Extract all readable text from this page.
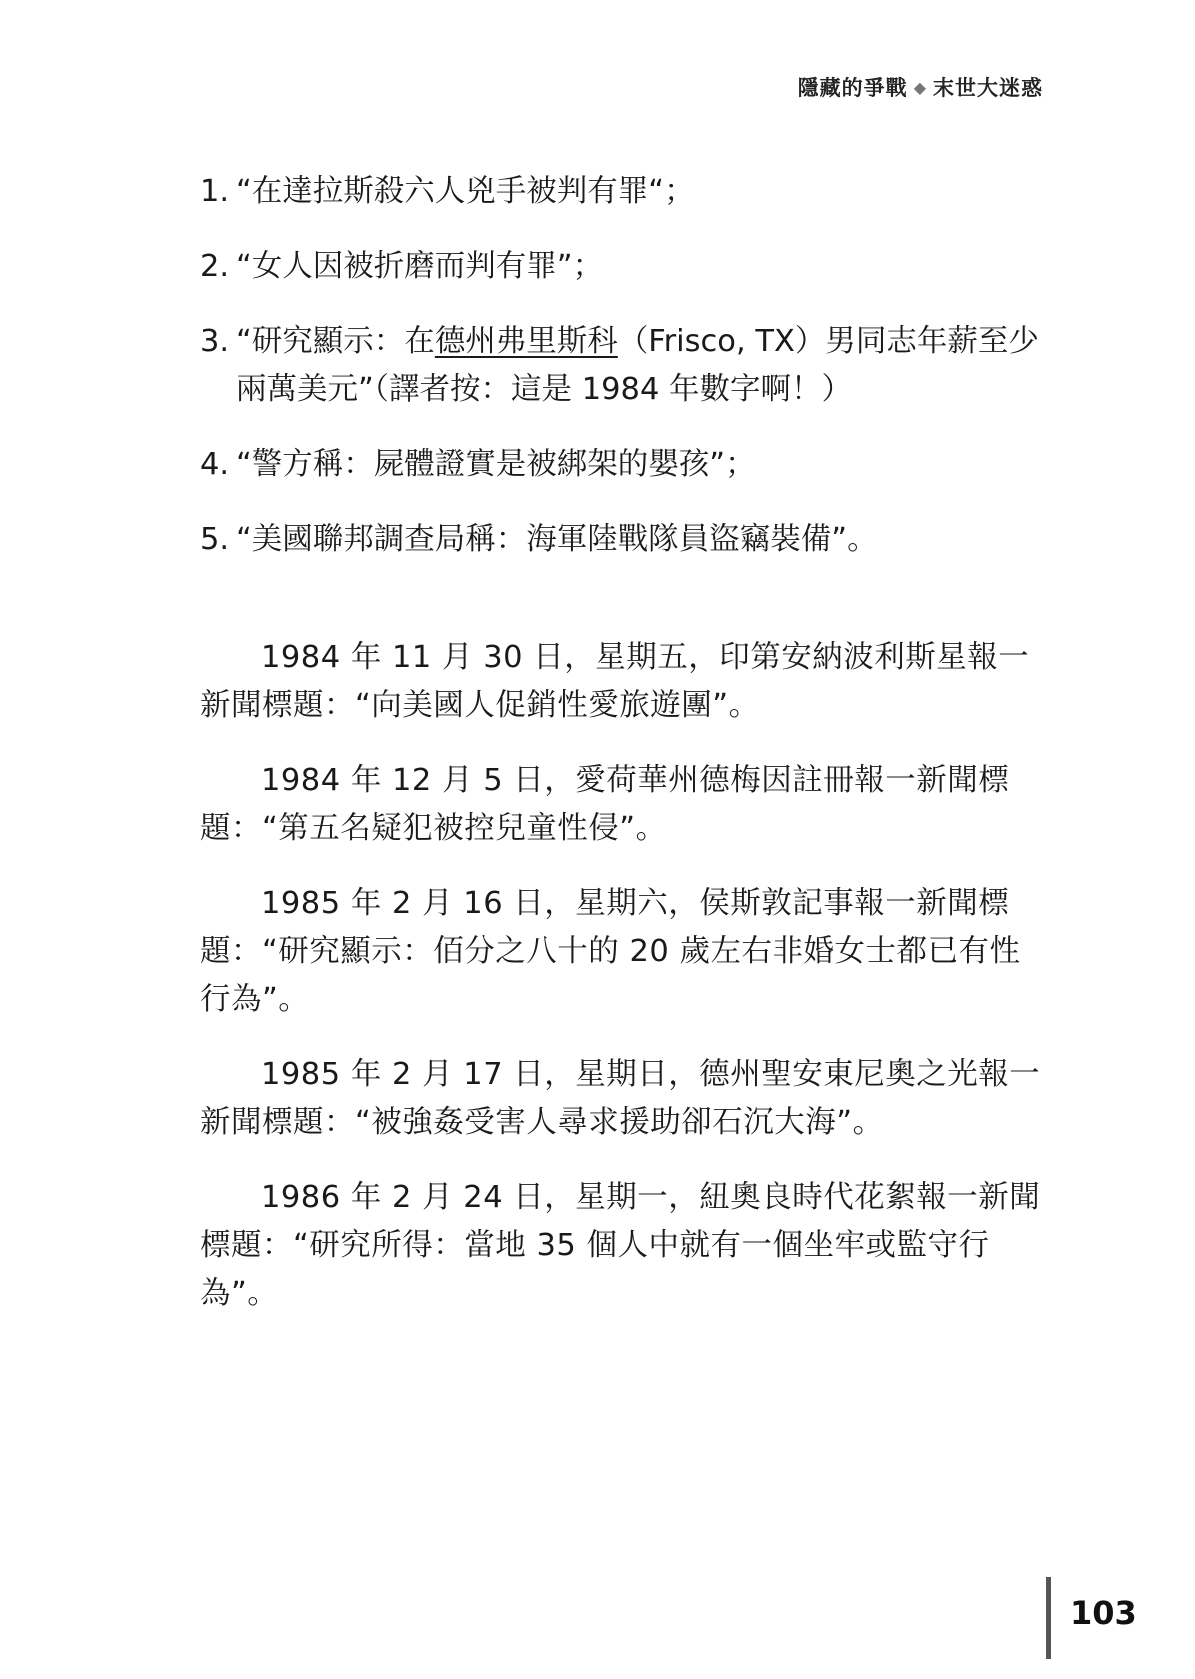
隱藏的爭戰 ◆ 末世大迷惑

1. “在達拉斯殺六人兇手被判有罪“；

2. “女人因被折磨而判有罪”；

3. “研究顯示：在德州弗里斯科（Frisco, TX）男同志年薪至少兩萬美元”（譯者按：這是 1984 年數字啊！）

4. “警方稱：屍體證實是被綁架的嬰孩”；

5. “美國聯邦調查局稱：海軍陸戰隊員盜竊裝備”。

1984 年 11 月 30 日，星期五，印第安納波利斯星報一新聞標題：“向美國人促銷性愛旅遊團”。

1984 年 12 月 5 日，愛荷華州德梅因註冊報一新聞標題：“第五名疑犯被控兒童性侵”。

1985 年 2 月 16 日，星期六，侯斯敦記事報一新聞標題：“研究顯示：佰分之八十的 20 歲左右非婚女士都已有性行為”。

1985 年 2 月 17 日，星期日，德州聖安東尼奧之光報一新聞標題：“被強姦受害人尋求援助卻石沉大海”。

1986 年 2 月 24 日，星期一，紐奧良時代花絮報一新聞標題：“研究所得：當地 35 個人中就有一個坐牢或監守行為”。

103
